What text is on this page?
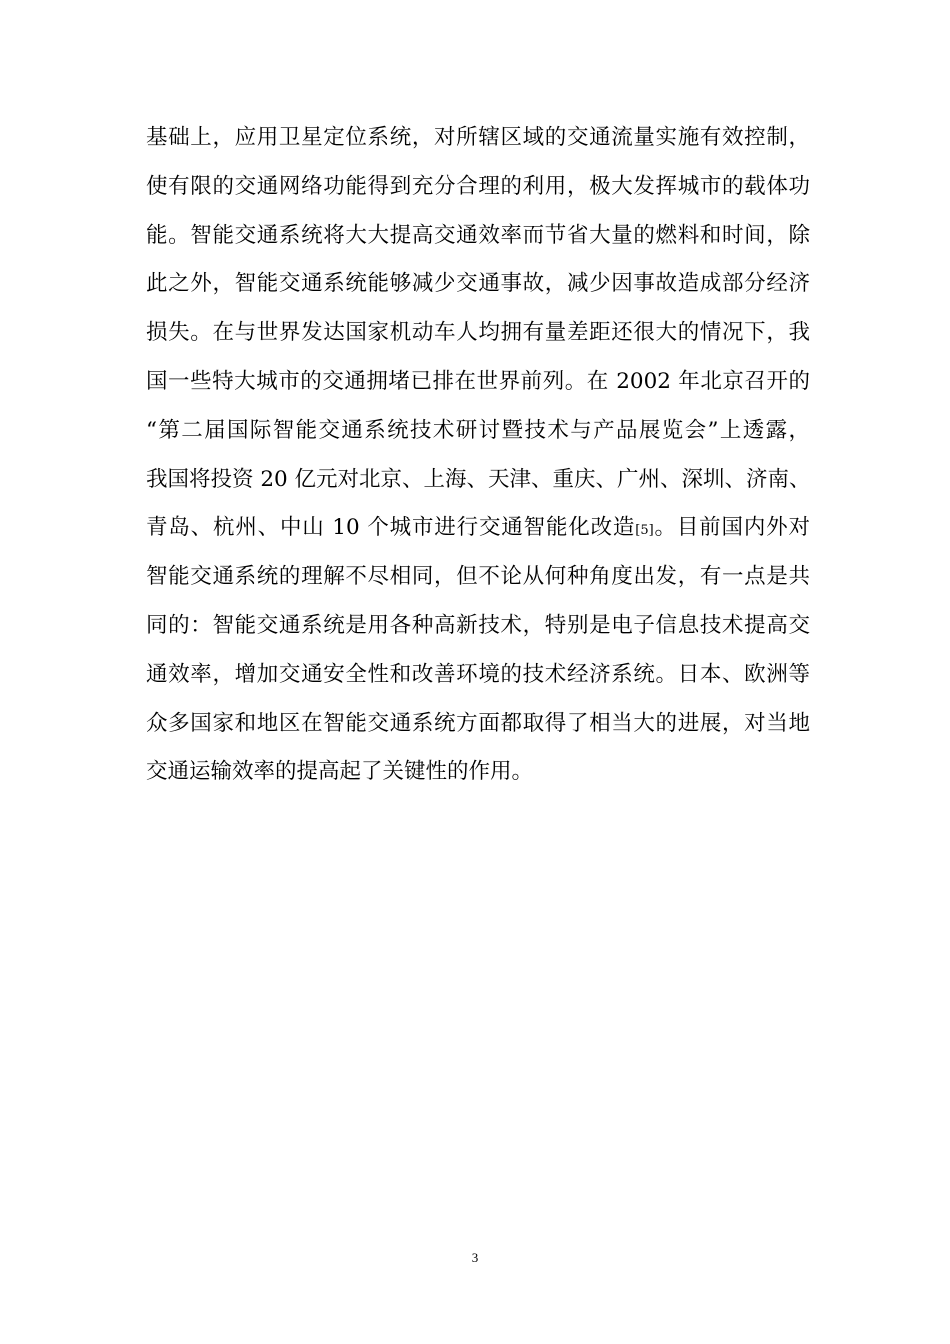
基础上，应用卫星定位系统，对所辖区域的交通流量实施有效控制，
使有限的交通网络功能得到充分合理的利用，极大发挥城市的载体功
能。智能交通系统将大大提高交通效率而节省大量的燃料和时间，除
此之外，智能交通系统能够减少交通事故，减少因事故造成部分经济
损失。在与世界发达国家机动车人均拥有量差距还很大的情况下，我
国一些特大城市的交通拥堵已排在世界前列。在 2002 年北京召开的
“第二届国际智能交通系统技术研讨暨技术与产品展览会”上透露，
我国将投资 20 亿元对北京、上海、天津、重庆、广州、深圳、济南、
青岛、杭州、中山 10 个城市进行交通智能化改造[5]。目前国内外对
智能交通系统的理解不尽相同，但不论从何种角度出发，有一点是共
同的：智能交通系统是用各种高新技术，特别是电子信息技术提高交
通效率，增加交通安全性和改善环境的技术经济系统。日本、欧洲等
众多国家和地区在智能交通系统方面都取得了相当大的进展，对当地
交通运输效率的提高起了关键性的作用。
3
